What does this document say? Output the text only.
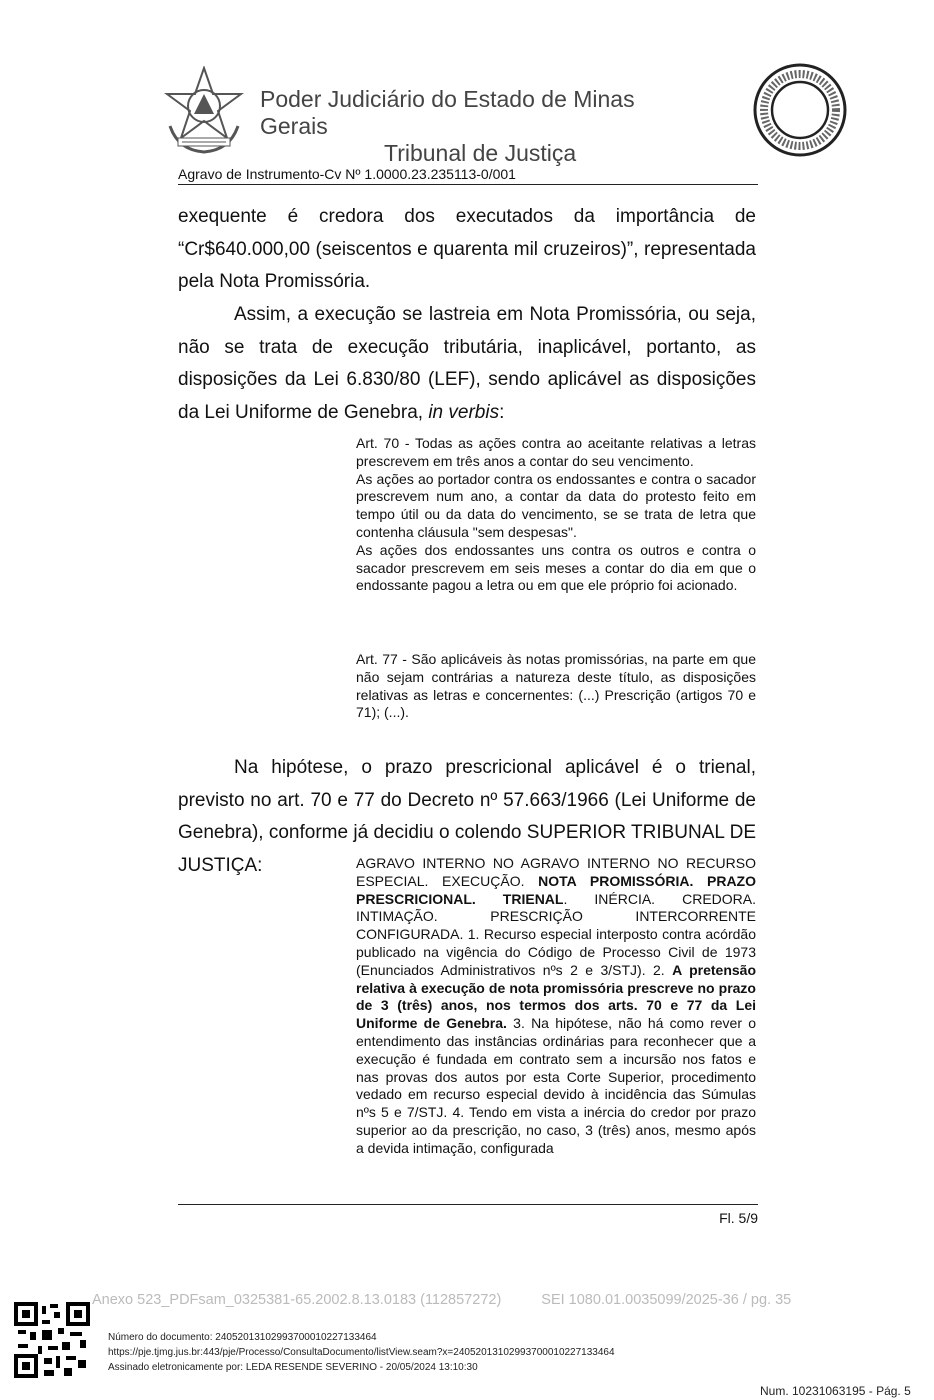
Poder Judiciário do Estado de Minas Gerais
Tribunal de Justiça
Agravo de Instrumento-Cv Nº 1.0000.23.235113-0/001
exequente é credora dos executados da importância de “Cr$640.000,00 (seiscentos e quarenta mil cruzeiros)”, representada pela Nota Promissória.
Assim, a execução se lastreia em Nota Promissória, ou seja, não se trata de execução tributária, inaplicável, portanto, as disposições da Lei 6.830/80 (LEF), sendo aplicável as disposições da Lei Uniforme de Genebra, in verbis:

Art. 70 - Todas as ações contra ao aceitante relativas a letras prescrevem em três anos a contar do seu vencimento.

As ações ao portador contra os endossantes e contra o sacador prescrevem num ano, a contar da data do protesto feito em tempo útil ou da data do vencimento, se se trata de letra que contenha cláusula "sem despesas".

As ações dos endossantes uns contra os outros e contra o sacador prescrevem em seis meses a contar do dia em que o endossante pagou a letra ou em que ele próprio foi acionado.

Art. 77 - São aplicáveis às notas promissórias, na parte em que não sejam contrárias a natureza deste título, as disposições relativas as letras e concernentes: (...) Prescrição (artigos 70 e 71); (...).
Na hipótese, o prazo prescricional aplicável é o trienal, previsto no art. 70 e 77 do Decreto nº 57.663/1966 (Lei Uniforme de Genebra), conforme já decidiu o colendo SUPERIOR TRIBUNAL DE JUSTIÇA:	AGRAVO INTERNO NO AGRAVO INTERNO NO RECURSO ESPECIAL. EXECUÇÃO. NOTA PROMISSÓRIA. PRAZO PRESCRICIONAL. TRIENAL. INÉRCIA. CREDORA. INTIMAÇÃO. PRESCRIÇÃO INTERCORRENTE CONFIGURADA. 1. Recurso especial interposto contra acórdão publicado na vigência do Código de Processo Civil de 1973 (Enunciados Administrativos nºs 2 e 3/STJ). 2. A pretensão relativa à execução de nota promissória prescreve no prazo de 3 (três) anos, nos termos dos arts. 70 e 77 da Lei Uniforme de Genebra. 3. Na hipótese, não há como rever o entendimento das instâncias ordinárias para reconhecer que a execução é fundada em contrato sem a incursão nos fatos e nas provas dos autos por esta Corte Superior, procedimento vedado em recurso especial devido à incidência das Súmulas nºs 5 e 7/STJ. 4. Tendo em vista a inércia do credor por prazo superior ao da prescrição, no caso, 3 (três) anos, mesmo após a devida intimação, configurada
Fl. 5/9
Anexo 523_PDFsam_0325381-65.2002.8.13.0183 (112857272)	SEI 1080.01.0035099/2025-36 / pg. 35
Número do documento: 24052013102993700010227133464
https://pje.tjmg.jus.br:443/pje/Processo/ConsultaDocumento/listView.seam?x=24052013102993700010227133464
Assinado eletronicamente por: LEDA RESENDE SEVERINO - 20/05/2024 13:10:30
Num. 10231063195 - Pág. 5
